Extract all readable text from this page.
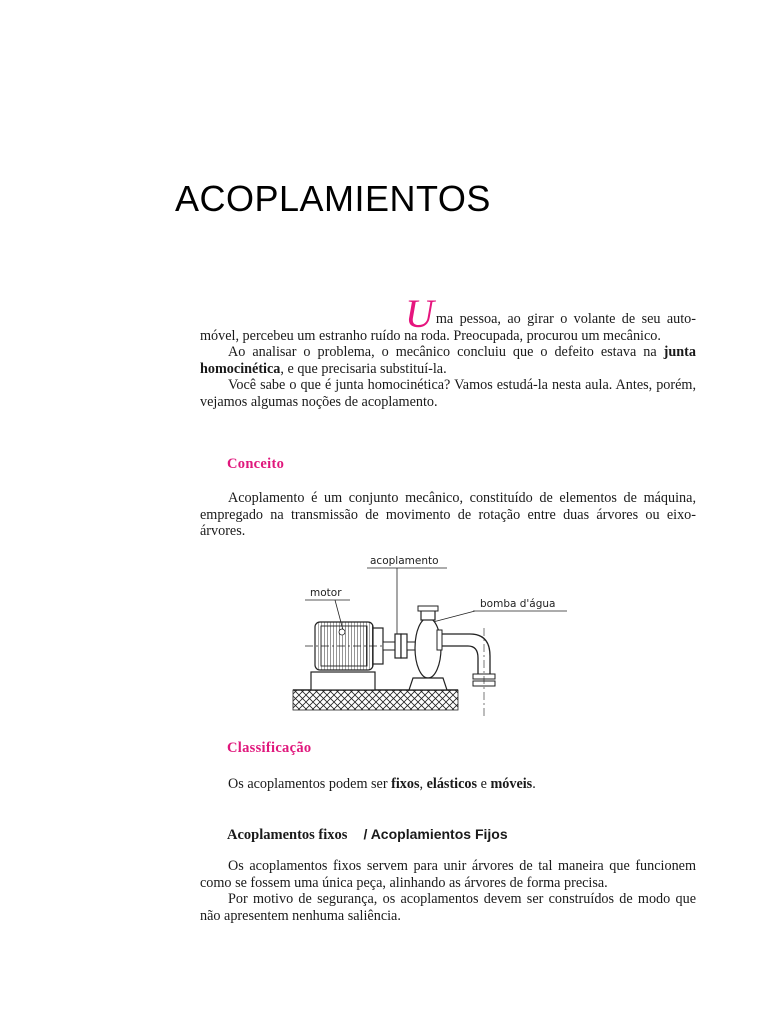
ACOPLAMIENTOS

Uma pessoa, ao girar o volante de seu auto-

móvel, percebeu um estranho ruído na roda. Preocupada, procurou um mecânico.

Ao analisar o problema, o mecânico concluiu que o defeito estava na junta homocinética, e que precisaria substituí-la.

Você sabe o que é junta homocinética? Vamos estudá-la nesta aula. Antes, porém, vejamos algumas noções de acoplamento.

Conceito

Acoplamento é um conjunto mecânico, constituído de elementos de máquina, empregado na transmissão de movimento de rotação entre duas árvores ou eixo-árvores.

acoplamento
motor
bomba d'água
Classificação

Os acoplamentos podem ser fixos, elásticos e móveis.

Acoplamentos fixos / Acoplamientos Fijos

Os acoplamentos fixos servem para unir árvores de tal maneira que funcionem como se fossem uma única peça, alinhando as árvores de forma precisa.

Por motivo de segurança, os acoplamentos devem ser construídos de modo que não apresentem nenhuma saliência.
